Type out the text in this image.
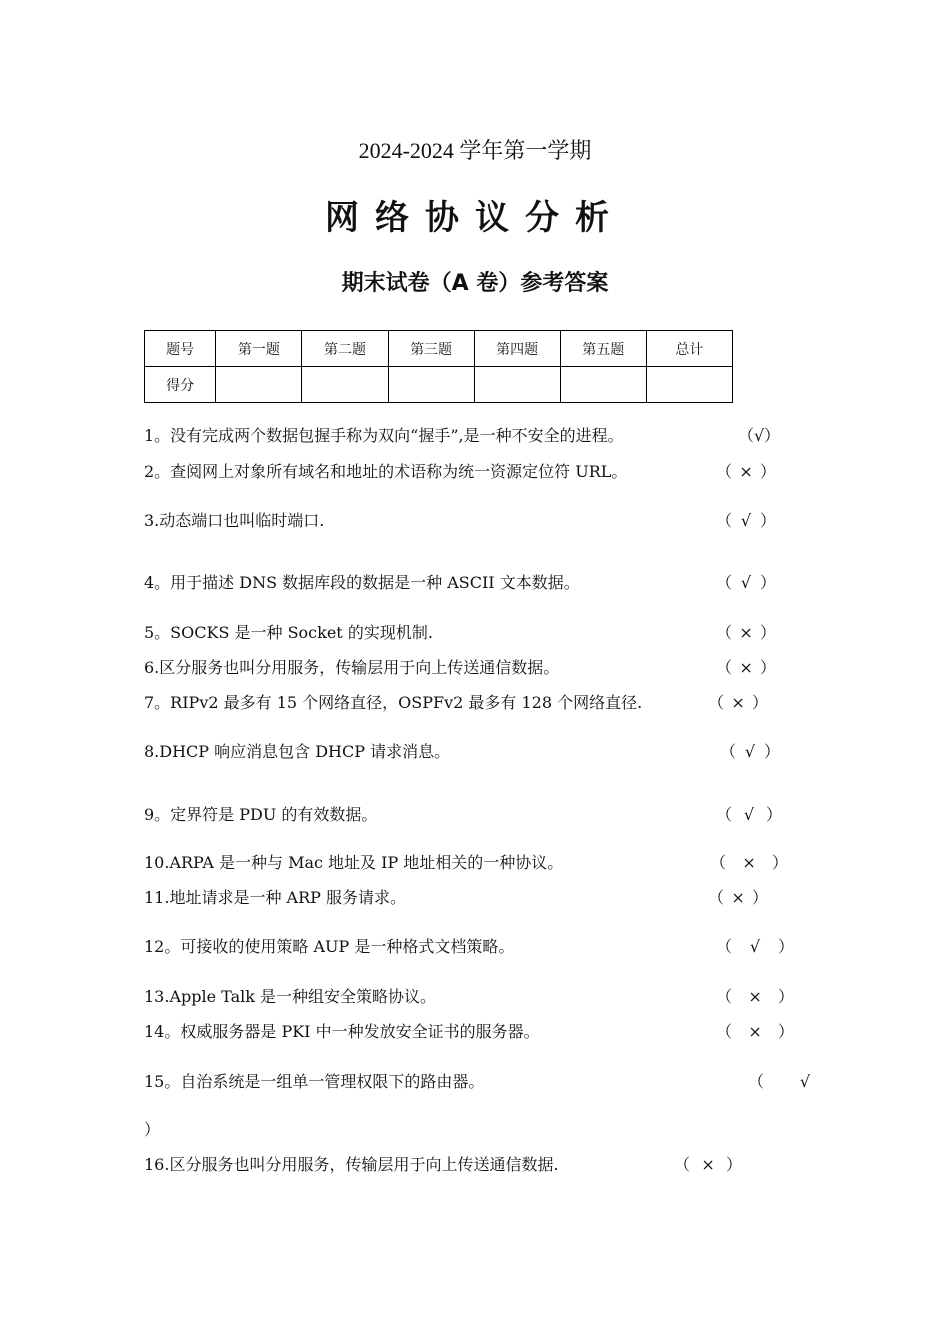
2024-2024 学年第一学期
网络协议分析
期末试卷（A 卷）参考答案
题号	第一题	第二题	第三题	第四题	第五题	总计
得分						
1。没有完成两个数据包握手称为双向“握手”,是一种不安全的进程。	（√）
2。查阅网上对象所有域名和地址的术语称为统一资源定位符 URL。	（ × ）
3.动态端口也叫临时端口.	（ √ ）
4。用于描述 DNS 数据库段的数据是一种 ASCII 文本数据。	（ √ ）
5。SOCKS 是一种 Socket 的实现机制.	（ × ）
6.区分服务也叫分用服务，传输层用于向上传送通信数据。	（ × ）
7。RIPv2 最多有 15 个网络直径，OSPFv2 最多有 128 个网络直径.	（ × ）
8.DHCP 响应消息包含 DHCP 请求消息。	（ √ ）
9。定界符是 PDU 的有效数据。	（ √ ）
10.ARPA 是一种与 Mac 地址及 IP 地址相关的一种协议。	（ × ）
11.地址请求是一种 ARP 服务请求。	（ × ）
12。可接收的使用策略 AUP 是一种格式文档策略。	（ √ ）
13.Apple Talk 是一种组安全策略协议。	（ × ）
14。权威服务器是 PKI 中一种发放安全证书的服务器。	（ × ）
15。自治系统是一组单一管理权限下的路由器。	（ √
）
16.区分服务也叫分用服务，传输层用于向上传送通信数据.	（ × ）
